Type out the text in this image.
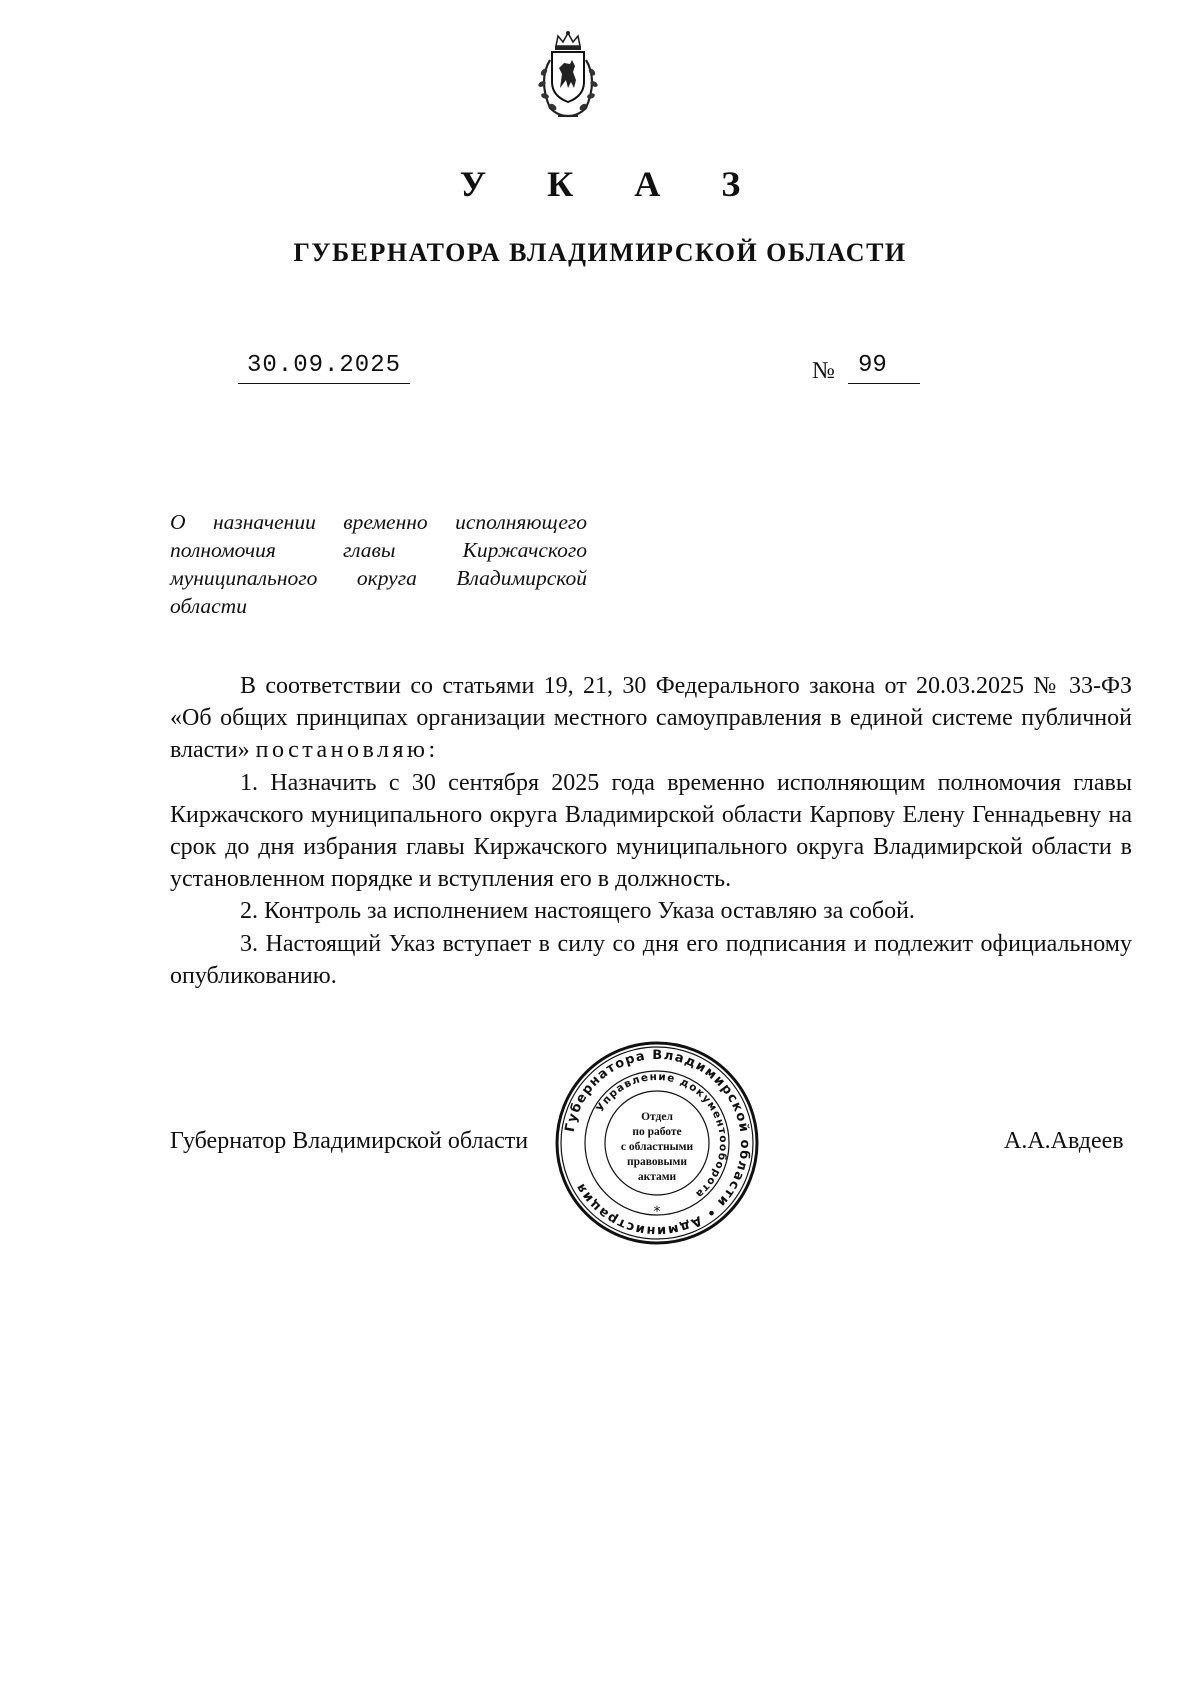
У К А З
ГУБЕРНАТОРА ВЛАДИМИРСКОЙ ОБЛАСТИ
30.09.2025	№ 99
О назначении временно исполняющего
полномочия главы Киржачского
муниципального округа Владимирской
области
В соответствии со статьями 19, 21, 30 Федерального закона от 20.03.2025 № 33-ФЗ «Об общих принципах организации местного самоуправления в единой системе публичной власти» постановляю:
1. Назначить с 30 сентября 2025 года временно исполняющим полномочия главы Киржачского муниципального округа Владимирской области Карпову Елену Геннадьевну на срок до дня избрания главы Киржачского муниципального округа Владимирской области в установленном порядке и вступления его в должность.
2. Контроль за исполнением настоящего Указа оставляю за собой.
3. Настоящий Указ вступает в силу со дня его подписания и подлежит официальному опубликованию.
Губернатор Владимирской области	А.А.Авдеев
Губернатора Владимирской области • Администрация
Управление документооборота
Отдел
по работе
с областными
правовыми
актами
*
